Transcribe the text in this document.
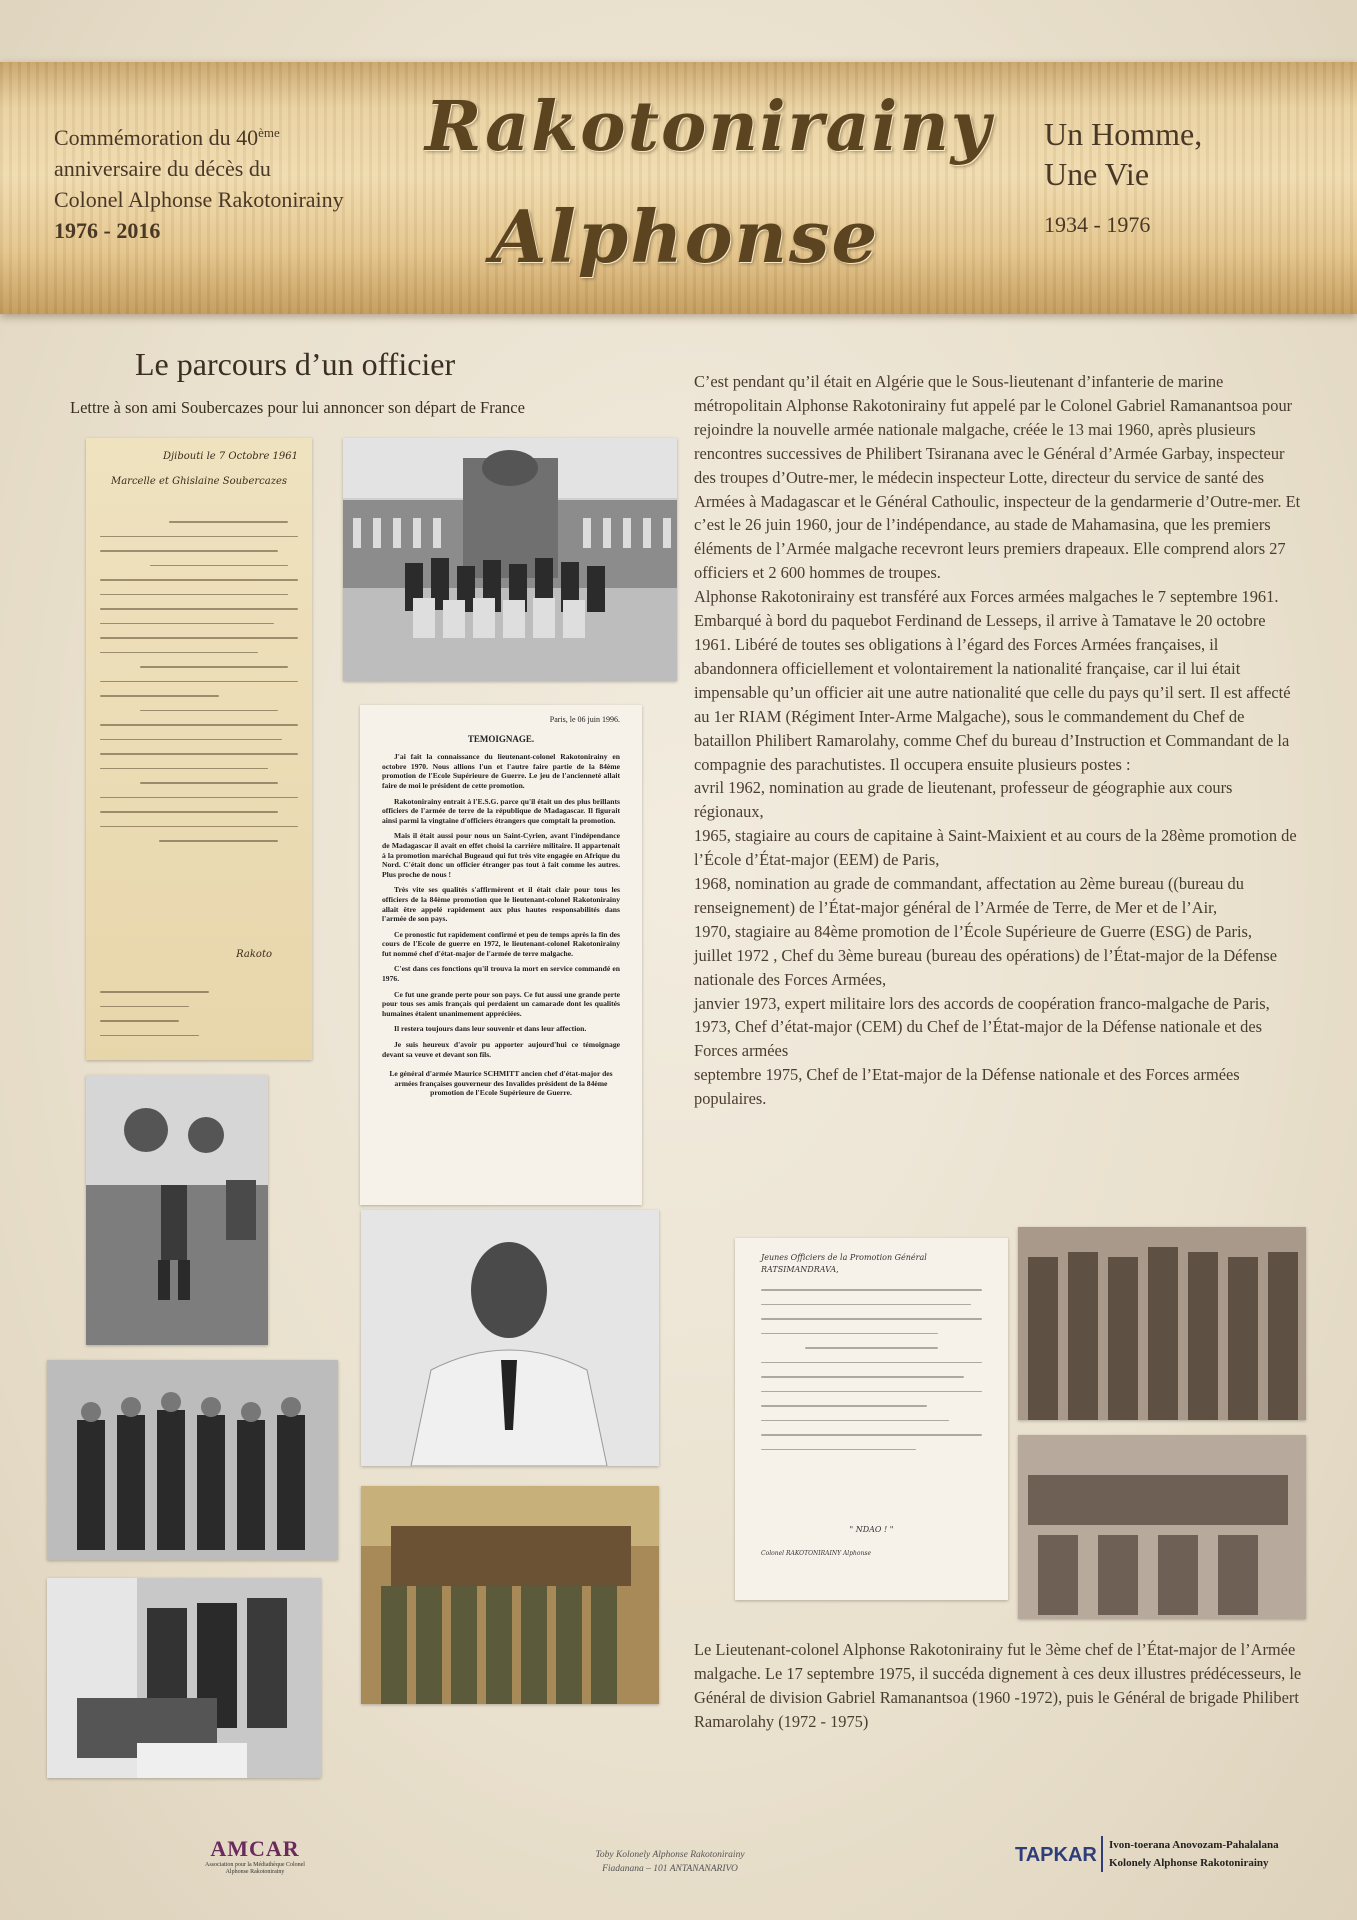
Commémoration du 40ème
anniversaire du décès du
Colonel Alphonse Rakotonirainy
1976 - 2016
Rakotonirainy
Alphonse
Un Homme,
Une Vie
1934 - 1976
Le parcours d’un officier
Lettre à son ami Soubercazes pour lui annoncer son départ de France
Djibouti le 7 Octobre 1961
Marcelle et Ghislaine Soubercazes
Rakoto
Paris, le 06 juin 1996.
TEMOIGNAGE.

J'ai fait la connaissance du lieutenant-colonel Rakotonirainy en octobre 1970. Nous allions l'un et l'autre faire partie de la 84ème promotion de l'Ecole Supérieure de Guerre. Le jeu de l'ancienneté allait faire de moi le président de cette promotion.

Rakotonirainy entrait à l'E.S.G. parce qu'il était un des plus brillants officiers de l'armée de terre de la république de Madagascar. Il figurait ainsi parmi la vingtaine d'officiers étrangers que comptait la promotion.

Mais il était aussi pour nous un Saint-Cyrien, avant l'indépendance de Madagascar il avait en effet choisi la carrière militaire. Il appartenait à la promotion maréchal Bugeaud qui fut très vite engagée en Afrique du Nord. C'était donc un officier étranger pas tout à fait comme les autres. Plus proche de nous !

Très vite ses qualités s'affirmèrent et il était clair pour tous les officiers de la 84ème promotion que le lieutenant-colonel Rakotonirainy allait être appelé rapidement aux plus hautes responsabilités dans l'armée de son pays.

Ce pronostic fut rapidement confirmé et peu de temps après la fin des cours de l'Ecole de guerre en 1972, le lieutenant-colonel Rakotonirainy fut nommé chef d'état-major de l'armée de terre malgache.

C'est dans ces fonctions qu'il trouva la mort en service commandé en 1976.

Ce fut une grande perte pour son pays. Ce fut aussi une grande perte pour tous ses amis français qui perdaient un camarade dont les qualités humaines étaient unanimement appréciées.

Il restera toujours dans leur souvenir et dans leur affection.

Je suis heureux d'avoir pu apporter aujourd'hui ce témoignage devant sa veuve et devant son fils.

Le général d'armée Maurice SCHMITT ancien chef d'état-major des armées françaises gouverneur des Invalides président de la 84ème promotion de l'Ecole Supérieure de Guerre.
Jeunes Officiers de la Promotion Général RATSIMANDRAVA,
" NDAO ! "
Colonel RAKOTONIRAINY Alphonse

C’est pendant qu’il était en Algérie que le Sous-lieutenant d’infanterie de marine métropolitain Alphonse Rakotonirainy fut appelé par le Colonel Gabriel Ramanantsoa pour rejoindre la nouvelle armée nationale malgache, créée le 13 mai 1960, après plusieurs rencontres successives de Philibert Tsiranana avec le Général d’Armée Garbay, inspecteur des troupes d’Outre-mer, le médecin inspecteur Lotte, directeur du service de santé des Armées à Madagascar et le Général Cathoulic, inspecteur de la gendarmerie d’Outre-mer. Et c’est le 26 juin 1960, jour de l’indépendance, au stade de Mahamasina, que les premiers éléments de l’Armée malgache recevront leurs premiers drapeaux. Elle comprend alors 27 officiers et 2 600 hommes de troupes.

Alphonse Rakotonirainy est transféré aux Forces armées malgaches le 7 septembre 1961. Embarqué à bord du paquebot Ferdinand de Lesseps, il arrive à Tamatave le 20 octobre 1961. Libéré de toutes ses obligations à l’égard des Forces Armées françaises, il abandonnera officiellement et volontairement la nationalité française, car il lui était impensable qu’un officier ait une autre nationalité que celle du pays qu’il sert. Il est affecté au 1er RIAM (Régiment Inter-Arme Malgache), sous le commandement du Chef de bataillon Philibert Ramarolahy, comme Chef du bureau d’Instruction et Commandant de la compagnie des parachutistes. Il occupera ensuite plusieurs postes :

avril 1962, nomination au grade de lieutenant, professeur de géographie aux cours régionaux,

1965, stagiaire au cours de capitaine à Saint-Maixient et au cours de la 28ème promotion de l’École d’État-major (EEM) de Paris,

1968, nomination au grade de commandant, affectation au 2ème bureau ((bureau du renseignement) de l’État-major général de l’Armée de Terre, de Mer et de l’Air,

1970, stagiaire au 84ème promotion de l’École Supérieure de Guerre (ESG) de Paris,

juillet 1972 , Chef du 3ème bureau (bureau des opérations) de l’État-major de la Défense nationale des Forces Armées,

janvier 1973, expert militaire lors des accords de coopération franco-malgache de Paris,

1973, Chef d’état-major (CEM) du Chef de l’État-major de la Défense nationale et des Forces armées

septembre 1975, Chef de l’Etat-major de la Défense nationale et des Forces armées populaires.

Le Lieutenant-colonel Alphonse Rakotonirainy fut le 3ème chef de l’État-major de l’Armée malgache. Le 17 septembre 1975, il succéda dignement à ces deux illustres prédécesseurs, le Général de division Gabriel Ramanantsoa (1960 -1972), puis le Général de brigade Philibert Ramarolahy (1972 - 1975)
AMCAR
Association pour la Médiathèque Colonel Alphonse Rakotonirainy
Toby Kolonely Alphonse Rakotonirainy
Fiadanana – 101 ANTANANARIVO
TAPKAR Ivon-toerana Anovozam-Pahalalana
Kolonely Alphonse Rakotonirainy
